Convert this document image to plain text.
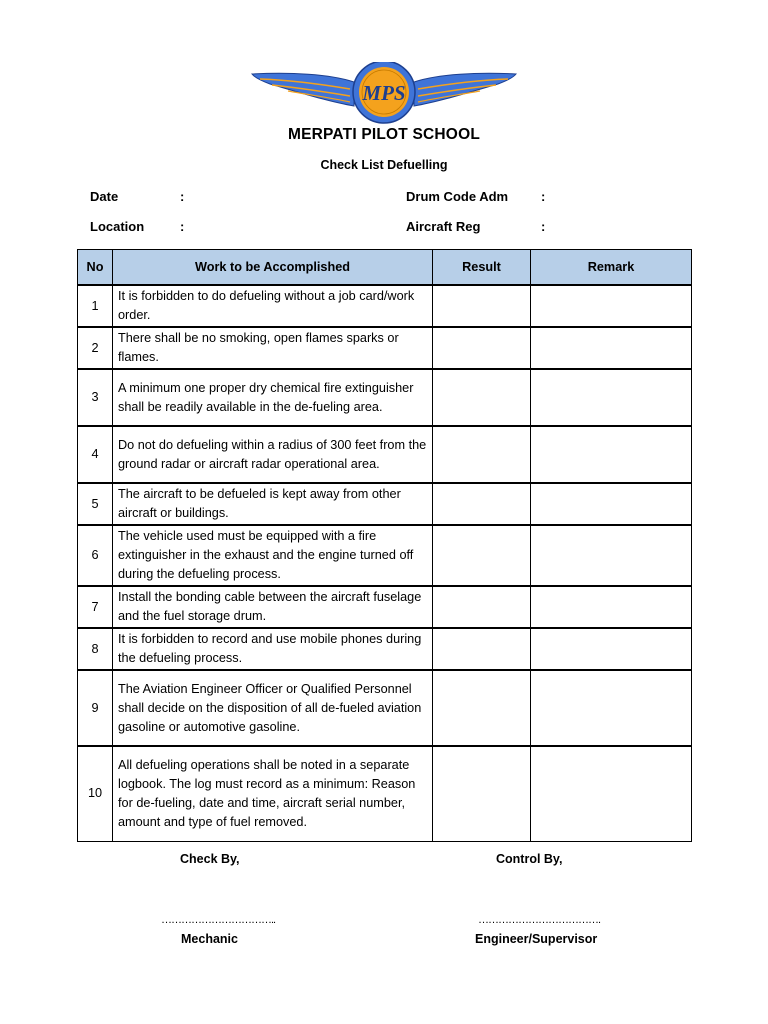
MPS
MERPATI PILOT SCHOOL
Check List Defuelling
Date	:
Location	:
Drum Code Adm	:
Aircraft Reg	:
No	Work to be Accomplished	Result	Remark
1	It is forbidden to do defueling without a job card/work order.		
2	There shall be no smoking, open flames sparks or flames.		
3	A minimum one proper dry chemical fire extinguisher shall be readily available in the de-fueling area.		
4	Do not do defueling within a radius of 300 feet from the ground radar or aircraft radar operational area.		
5	The aircraft to be defueled is kept away from other aircraft or buildings.		
6	The vehicle used must be equipped with a fire extinguisher in the exhaust and the engine turned off during the defueling process.		
7	Install the bonding cable between the aircraft fuselage and the fuel storage drum.		
8	It is forbidden to record and use mobile phones during the defueling process.		
9	The Aviation Engineer Officer or Qualified Personnel shall decide on the disposition of all de-fueled aviation gasoline or automotive gasoline.		
10	All defueling operations shall be noted in a separate logbook. The log must record as a minimum: Reason for de-fueling, date and time, aircraft serial number, amount and type of fuel removed.		
Check By,	Control By,
……………………………..	……………………………….
Mechanic	Engineer/Supervisor
